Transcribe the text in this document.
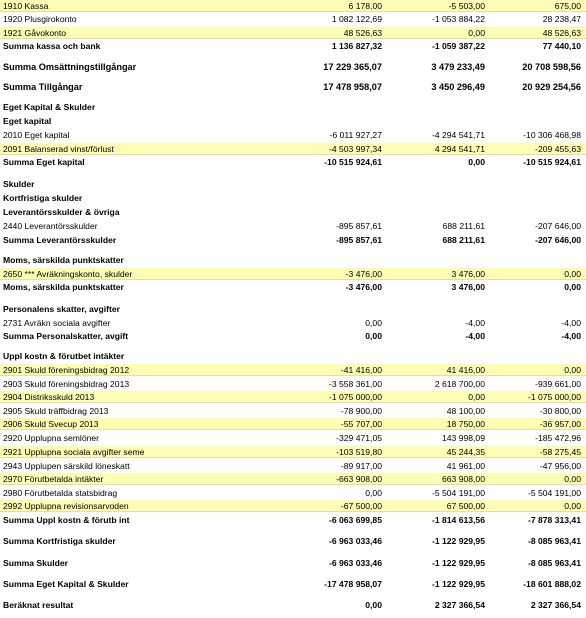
1910 Kassa	6 178,00	-5 503,00	675,00
1920 Plusgirokonto	1 082 122,69	-1 053 884,22	28 238,47
1921 Gåvokonto	48 526,63	0,00	48 526,63
Summa kassa och bank	1 136 827,32	-1 059 387,22	77 440,10
Summa Omsättningstillgångar	17 229 365,07	3 479 233,49	20 708 598,56
Summa Tillgångar	17 478 958,07	3 450 296,49	20 929 254,56
Eget Kapital & Skulder
Eget kapital
2010 Eget kapital	-6 011 927,27	-4 294 541,71	-10 306 468,98
2091 Balanserad vinst/förlust	-4 503 997,34	4 294 541,71	-209 455,63
Summa Eget kapital	-10 515 924,61	0,00	-10 515 924,61
Skulder
Kortfristiga skulder
Leverantörsskulder & övriga
2440 Leverantörsskulder	-895 857,61	688 211,61	-207 646,00
Summa Leverantörsskulder	-895 857,61	688 211,61	-207 646,00
Moms, särskilda punktskatter
2650 *** Avräkningskonto, skulder	-3 476,00	3 476,00	0,00
Moms, särskilda punktskatter	-3 476,00	3 476,00	0,00
Personalens skatter, avgifter
2731 Avräkn sociala avgifter	0,00	-4,00	-4,00
Summa Personalskatter, avgift	0,00	-4,00	-4,00
Uppl kostn & förutbet intäkter
2901 Skuld föreningsbidrag 2012	-41 416,00	41 416,00	0,00
2903 Skuld föreningsbidrag 2013	-3 558 361,00	2 618 700,00	-939 661,00
2904 Distriksskuld 2013	-1 075 000,00	0,00	-1 075 000,00
2905 Skuld träffbidrag 2013	-78 900,00	48 100,00	-30 800,00
2906 Skuld Svecup 2013	-55 707,00	18 750,00	-36 957,00
2920 Upplupna semlöner	-329 471,05	143 998,09	-185 472,96
2921 Upplupna sociala avgifter seme	-103 519,80	45 244,35	-58 275,45
2943 Upplupen särskild löneskatt	-89 917,00	41 961,00	-47 956,00
2970 Förutbetalda intäkter	-663 908,00	663 908,00	0,00
2980 Förutbetalda statsbidrag	0,00	-5 504 191,00	-5 504 191,00
2992 Upplupna revisionsarvoden	-67 500,00	67 500,00	0,00
Summa Uppl kostn & förutb int	-6 063 699,85	-1 814 613,56	-7 878 313,41
Summa Kortfristiga skulder	-6 963 033,46	-1 122 929,95	-8 085 963,41
Summa Skulder	-6 963 033,46	-1 122 929,95	-8 085 963,41
Summa Eget Kapital & Skulder	-17 478 958,07	-1 122 929,95	-18 601 888,02
Beräknat resultat	0,00	2 327 366,54	2 327 366,54
